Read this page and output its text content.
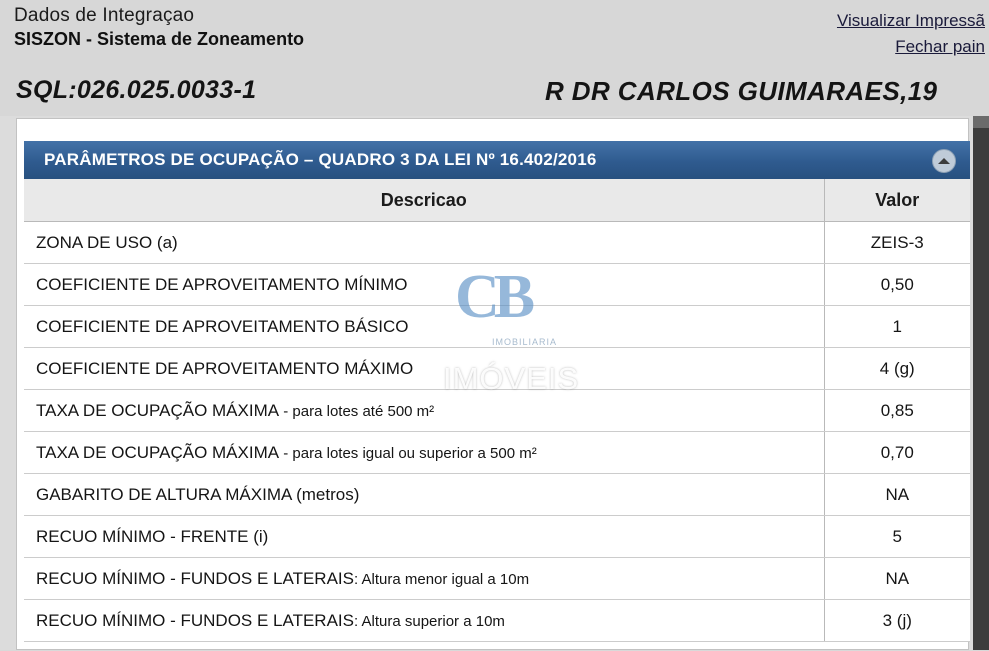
Dados de Integraçao
SISZON - Sistema de Zoneamento
Visualizar Impressã
Fechar pain
SQL:026.025.0033-1	R DR CARLOS GUIMARAES,19
PARÂMETROS DE OCUPAÇÃO – QUADRO 3 DA LEI Nº 16.402/2016
Descricao	Valor
ZONA DE USO (a)	ZEIS-3
COEFICIENTE DE APROVEITAMENTO MÍNIMO	0,50
COEFICIENTE DE APROVEITAMENTO BÁSICO	1
COEFICIENTE DE APROVEITAMENTO MÁXIMO	4 (g)
TAXA DE OCUPAÇÃO MÁXIMA - para lotes até 500 m²	0,85
TAXA DE OCUPAÇÃO MÁXIMA - para lotes igual ou superior a 500 m²	0,70
GABARITO DE ALTURA MÁXIMA (metros)	NA
RECUO MÍNIMO - FRENTE (i)	5
RECUO MÍNIMO - FUNDOS E LATERAIS: Altura menor igual a 10m	NA
RECUO MÍNIMO - FUNDOS E LATERAIS: Altura superior a 10m	3 (j)
CB
IMOBILIARIA
IMÓVEIS
